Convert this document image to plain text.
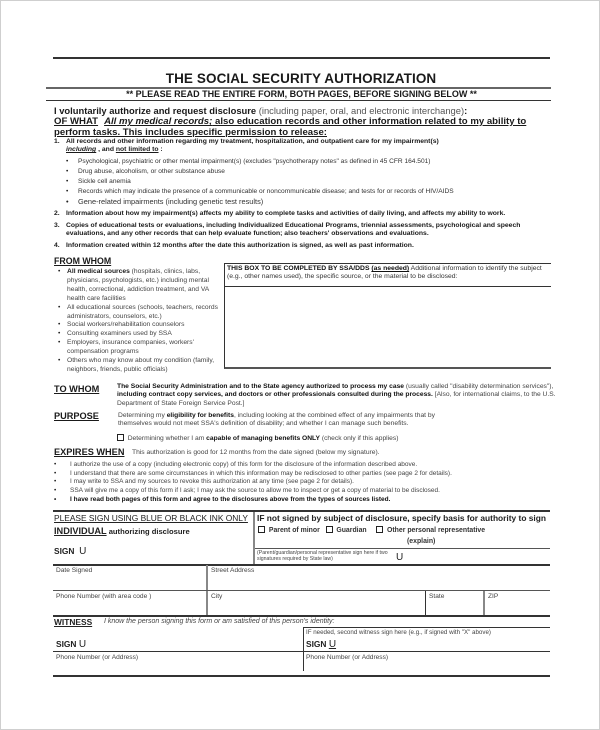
THE SOCIAL SECURITY AUTHORIZATION
** PLEASE READ THE ENTIRE FORM, BOTH PAGES, BEFORE SIGNING BELOW **
I voluntarily authorize and request disclosure (including paper, oral, and electronic interchange):
OF WHAT All my medical records; also education records and other information related to my ability to
perform tasks. This includes specific permission to release:
1. All records and other information regarding my treatment, hospitalization, and outpatient care for my impairment(s)
including , and not limited to :
• Psychological, psychiatric or other mental impairment(s) (excludes "psychotherapy notes" as defined in 45 CFR 164.501)
• Drug abuse, alcoholism, or other substance abuse
• Sickle cell anemia
• Records which may indicate the presence of a communicable or noncommunicable disease; and tests for or records of HIV/AIDS
• Gene-related impairments (including genetic test results)
2. Information about how my impairment(s) affects my ability to complete tasks and activities of daily living, and affects my ability to work.
3. Copies of educational tests or evaluations, including Individualized Educational Programs, triennial assessments, psychological and speech evaluations, and any other records that can help evaluate function; also teachers' observations and evaluations.
4. Information created within 12 months after the date this authorization is signed, as well as past information.
FROM WHOM
• All medical sources (hospitals, clinics, labs, physicians, psychologists, etc.) including mental health, correctional, addiction treatment, and VA health care facilities
• All educational sources (schools, teachers, records administrators, counselors, etc.)
• Social workers/rehabilitation counselors
• Consulting examiners used by SSA
• Employers, insurance companies, workers' compensation programs
• Others who may know about my condition (family, neighbors, friends, public officials)
THIS BOX TO BE COMPLETED BY SSA/DDS (as needed) Additional information to identify the subject (e.g., other names used), the specific source, or the material to be disclosed:
TO WHOM	The Social Security Administration and to the State agency authorized to process my case (usually called "disability determination services"), including contract copy services, and doctors or other professionals consulted during the process. [Also, for international claims, to the U.S. Department of State Foreign Service Post.]
PURPOSE	Determining my eligibility for benefits, including looking at the combined effect of any impairments that by themselves would not meet SSA's definition of disability; and whether I can manage such benefits.
Determining whether I am capable of managing benefits ONLY (check only if this applies)
EXPIRES WHEN This authorization is good for 12 months from the date signed (below my signature).
• I authorize the use of a copy (including electronic copy) of this form for the disclosure of the information described above.
• I understand that there are some circumstances in which this information may be redisclosed to other parties (see page 2 for details).
• I may write to SSA and my sources to revoke this authorization at any time (see page 2 for details).
• SSA will give me a copy of this form if I ask; I may ask the source to allow me to inspect or get a copy of material to be disclosed.
• I have read both pages of this form and agree to the disclosures above from the types of sources listed.
PLEASE SIGN USING BLUE OR BLACK INK ONLY
INDIVIDUAL authorizing disclosure
SIGN U
IF not signed by subject of disclosure, specify basis for authority to sign
Parent of minor Guardian	Other personal representative
(explain)
(Parent/guardian/personal representative sign here if two signatures required by State law)	U
Date Signed	Street Address
Phone Number (with area code )	City	State	ZIP
WITNESS I know the person signing this form or am satisfied of this person's identity:
SIGN U
IF needed, second witness sign here (e.g., if signed with "X" above)
SIGN U
Phone Number (or Address)	Phone Number (or Address)
